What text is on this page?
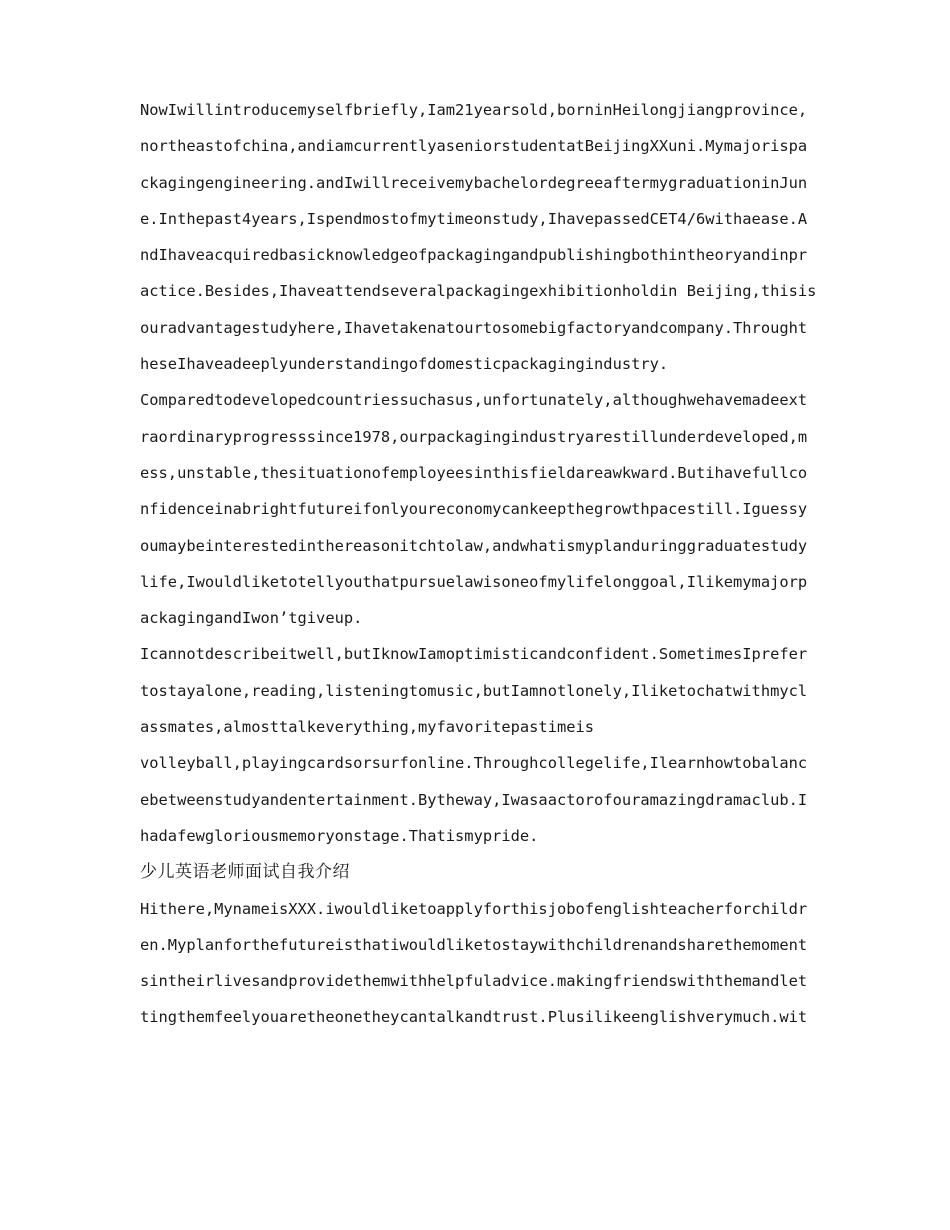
NowIwillintroducemyselfbriefly,Iam21yearsold,borninHeilongjiangprovince,
northeastofchina,andiamcurrentlyaseniorstudentatBeijingXXuni.Mymajorispa
ckagingengineering.andIwillreceivemybachelordegreeaftermygraduationinJun
e.Inthepast4years,Ispendmostofmytimeonstudy,IhavepassedCET4/6withaease.A
ndIhaveacquiredbasicknowledgeofpackagingandpublishingbothintheoryandinpr
actice.Besides,Ihaveattendseveralpackagingexhibitionholdin Beijing,thisis
ouradvantagestudyhere,Ihavetakenatourtosomebigfactoryandcompany.Throught
heseIhaveadeeplyunderstandingofdomesticpackagingindustry.
Comparedtodevelopedcountriessuchasus,unfortunately,althoughwehavemadeext
raordinaryprogresssince1978,ourpackagingindustryarestillunderdeveloped,m
ess,unstable,thesituationofemployeesinthisfieldareawkward.Butihavefullco
nfidenceinabrightfutureifonlyoureconomycankeepthegrowthpacestill.Iguessy
oumaybeinterestedinthereasonitchtolaw,andwhatismyplanduringgraduatestudy
life,Iwouldliketotellyouthatpursuelawisoneofmylifelonggoal,Ilikemymajorp
ackagingandIwon’tgiveup.
Icannotdescribeitwell,butIknowIamoptimisticandconfident.SometimesIprefer
tostayalone,reading,listeningtomusic,butIamnotlonely,Iliketochatwithmycl
assmates,almosttalkeverything,myfavoritepastimeis
volleyball,playingcardsorsurfonline.Throughcollegelife,Ilearnhowtobalanc
ebetweenstudyandentertainment.Bytheway,Iwasaactorofouramazingdramaclub.I
hadafewgloriousmemoryonstage.Thatismypride.
少儿英语老师面试自我介绍
Hithere,MynameisXXX.iwouldliketoapplyforthisjobofenglishteacherforchildr
en.Myplanforthefutureisthatiwouldliketostaywithchildrenandsharethemoment
sintheirlivesandprovidethemwithhelpfuladvice.makingfriendswiththemandlet
tingthemfeelyouaretheonetheycantalkandtrust.Plusilikeenglishverymuch.wit
